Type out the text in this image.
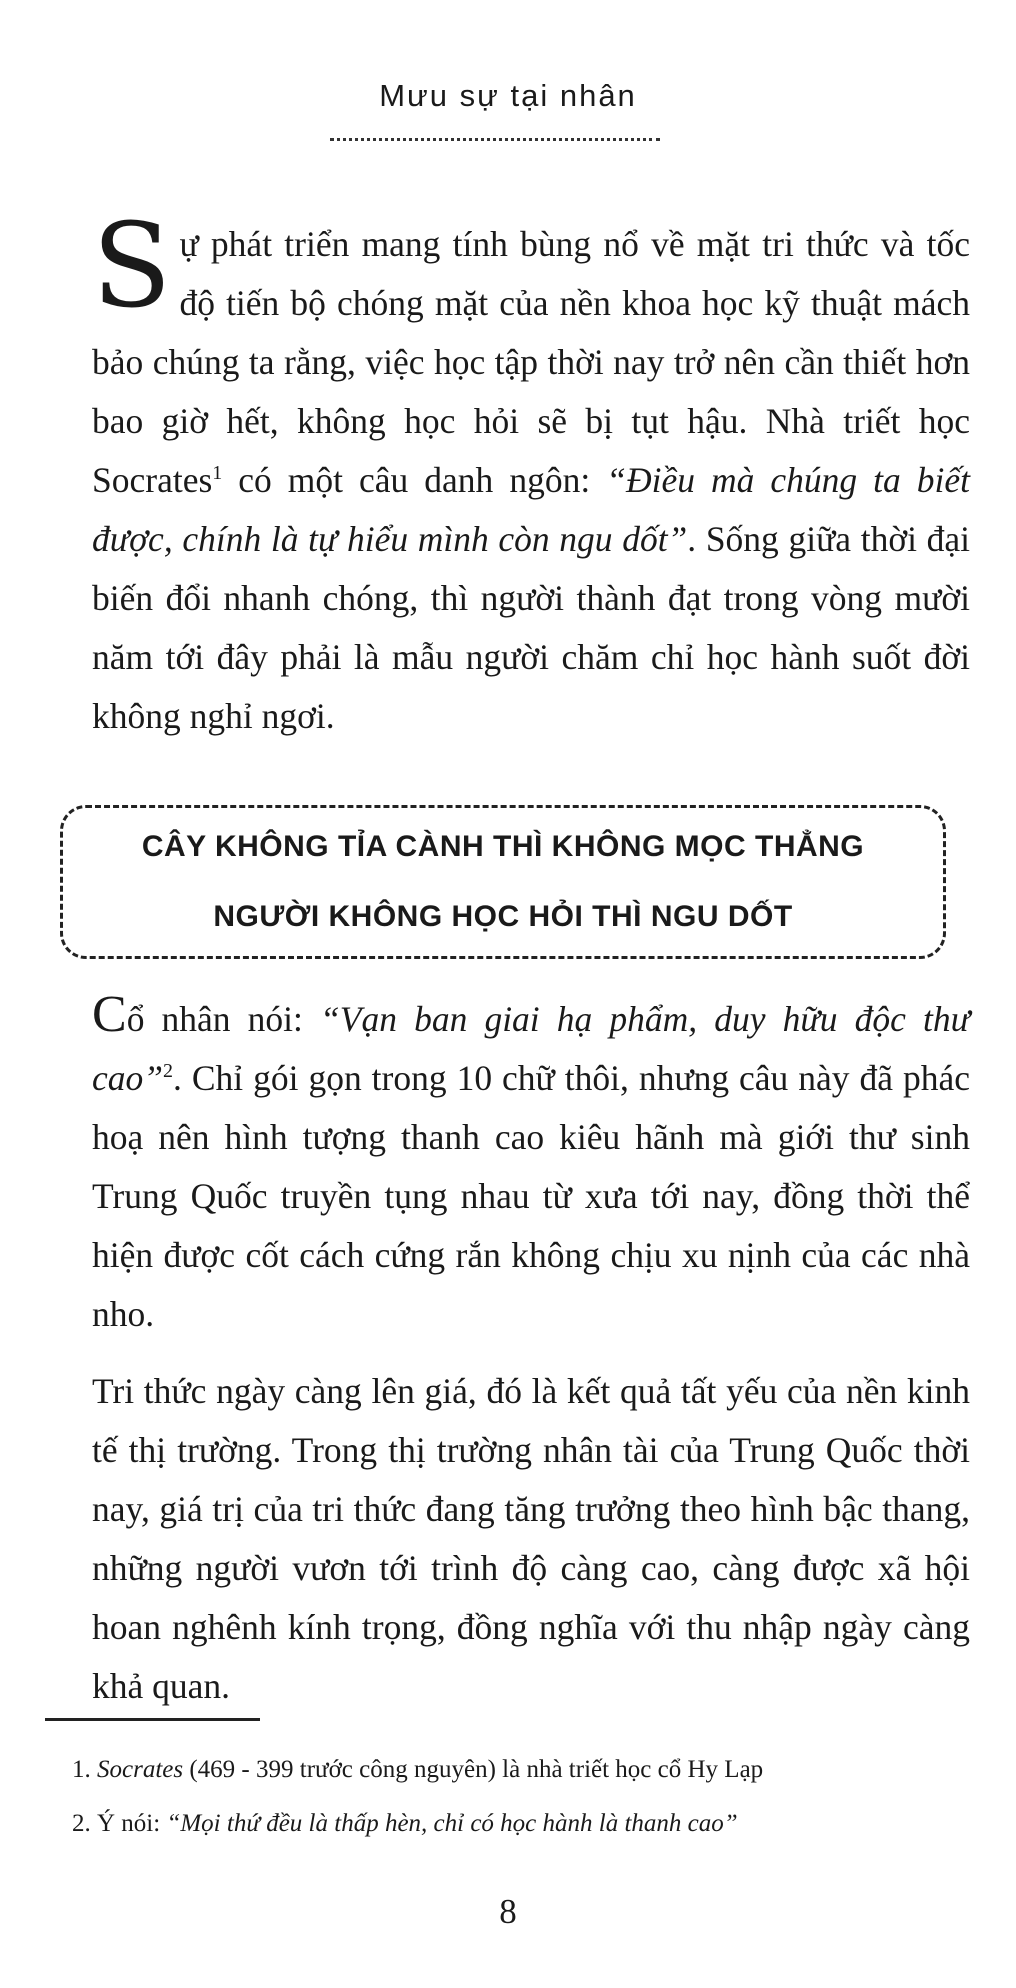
Mưu sự tại nhân
Sự phát triển mang tính bùng nổ về mặt tri thức và tốc độ tiến bộ chóng mặt của nền khoa học kỹ thuật mách bảo chúng ta rằng, việc học tập thời nay trở nên cần thiết hơn bao giờ hết, không học hỏi sẽ bị tụt hậu. Nhà triết học Socrates$^1$ có một câu danh ngôn: “Điều mà chúng ta biết được, chính là tự hiểu mình còn ngu dốt”. Sống giữa thời đại biến đổi nhanh chóng, thì người thành đạt trong vòng mười năm tới đây phải là mẫu người chăm chỉ học hành suốt đời không nghỉ ngơi.
CÂY KHÔNG TỈA CÀNH THÌ KHÔNG MỌC THẲNG
NGƯỜI KHÔNG HỌC HỎI THÌ NGU DỐT
Cổ nhân nói: “Vạn ban giai hạ phẩm, duy hữu độc thư cao”$^2$. Chỉ gói gọn trong 10 chữ thôi, nhưng câu này đã phác hoạ nên hình tượng thanh cao kiêu hãnh mà giới thư sinh Trung Quốc truyền tụng nhau từ xưa tới nay, đồng thời thể hiện được cốt cách cứng rắn không chịu xu nịnh của các nhà nho.
Tri thức ngày càng lên giá, đó là kết quả tất yếu của nền kinh tế thị trường. Trong thị trường nhân tài của Trung Quốc thời nay, giá trị của tri thức đang tăng trưởng theo hình bậc thang, những người vươn tới trình độ càng cao, càng được xã hội hoan nghênh kính trọng, đồng nghĩa với thu nhập ngày càng khả quan.
1. Socrates (469 - 399 trước công nguyên) là nhà triết học cổ Hy Lạp
2. Ý nói: “Mọi thứ đều là thấp hèn, chỉ có học hành là thanh cao”
8
